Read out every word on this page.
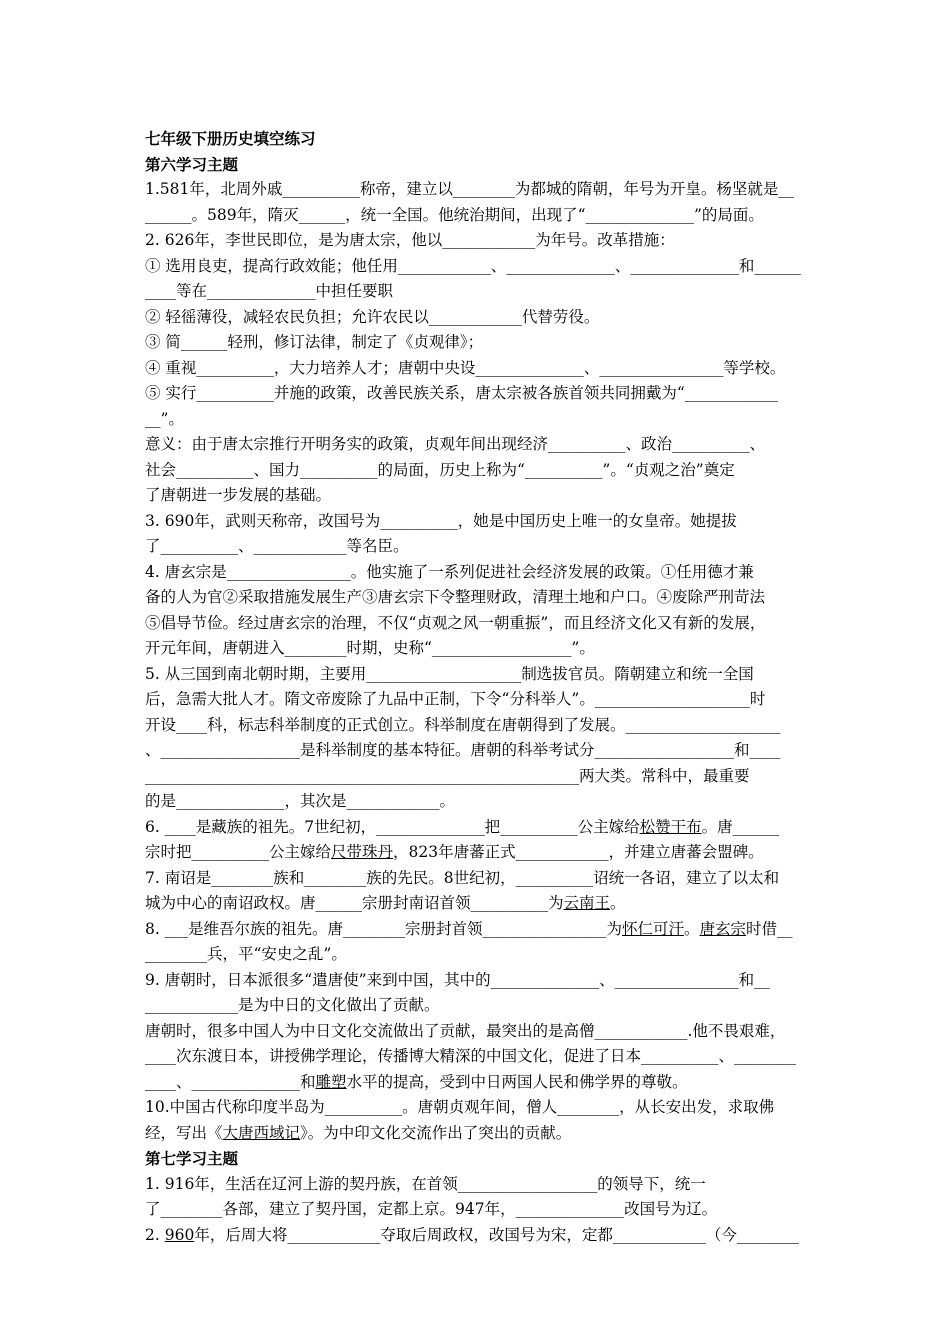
七年级下册历史填空练习
第六学习主题
1.581年，北周外戚__________称帝，建立以________为都城的隋朝，年号为开皇。杨坚就是__
______。589年，隋灭______，统一全国。他统治期间，出现了“______________”的局面。
2. 626年，李世民即位，是为唐太宗，他以____________为年号。改革措施：
① 选用良吏，提高行政效能；他任用____________、______________、______________和______
____等在______________中担任要职
② 轻徭薄役，减轻农民负担；允许农民以____________代替劳役。
③ 简______轻刑，修订法律，制定了《贞观律》；
④ 重视__________，大力培养人才；唐朝中央设______________、________________等学校。
⑤ 实行__________并施的政策，改善民族关系，唐太宗被各族首领共同拥戴为“____________
__”。
意义：由于唐太宗推行开明务实的政策，贞观年间出现经济__________、政治__________、
社会__________、国力__________的局面，历史上称为“__________”。“贞观之治”奠定
了唐朝进一步发展的基础。
3. 690年，武则天称帝，改国号为__________，她是中国历史上唯一的女皇帝。她提拔
了__________、____________等名臣。
4. 唐玄宗是________________。他实施了一系列促进社会经济发展的政策。①任用德才兼
备的人为官②采取措施发展生产③唐玄宗下令整理财政，清理土地和户口。④废除严刑苛法
⑤倡导节俭。经过唐玄宗的治理，不仅“贞观之风一朝重振”，而且经济文化又有新的发展，
开元年间，唐朝进入________时期，史称“__________________”。
5. 从三国到南北朝时期，主要用____________________制选拔官员。隋朝建立和统一全国
后，急需大批人才。隋文帝废除了九品中正制，下令“分科举人”。____________________时
开设____科，标志科举制度的正式创立。科举制度在唐朝得到了发展。____________________
、__________________是科举制度的基本特征。唐朝的科举考试分__________________和____
________________________________________________________两大类。常科中，最重要
的是______________，其次是____________。
6. ____是藏族的祖先。7世纪初，______________把__________公主嫁给松赞干布。唐______
宗时把__________公主嫁给尺带珠丹，823年唐蕃正式____________，并建立唐蕃会盟碑。
7. 南诏是________族和________族的先民。8世纪初，__________诏统一各诏，建立了以太和
城为中心的南诏政权。唐______宗册封南诏首领__________为云南王。
8. ___是维吾尔族的祖先。唐________宗册封首领________________为怀仁可汗。唐玄宗时借__
________兵，平“安史之乱”。
9. 唐朝时，日本派很多“遣唐使”来到中国，其中的______________、________________和__
____________是为中日的文化做出了贡献。
唐朝时，很多中国人为中日文化交流做出了贡献，最突出的是高僧____________.他不畏艰难，
____次东渡日本，讲授佛学理论，传播博大精深的中国文化，促进了日本__________、________
____、______________和雕塑水平的提高，受到中日两国人民和佛学界的尊敬。
10.中国古代称印度半岛为__________。唐朝贞观年间，僧人________，从长安出发，求取佛
经，写出《大唐西域记》。为中印文化交流作出了突出的贡献。
第七学习主题
1. 916年，生活在辽河上游的契丹族，在首领__________________的领导下，统一
了________各部，建立了契丹国，定都上京。947年，______________改国号为辽。
2. 960年，后周大将____________夺取后周政权，改国号为宋，定都____________（今________
